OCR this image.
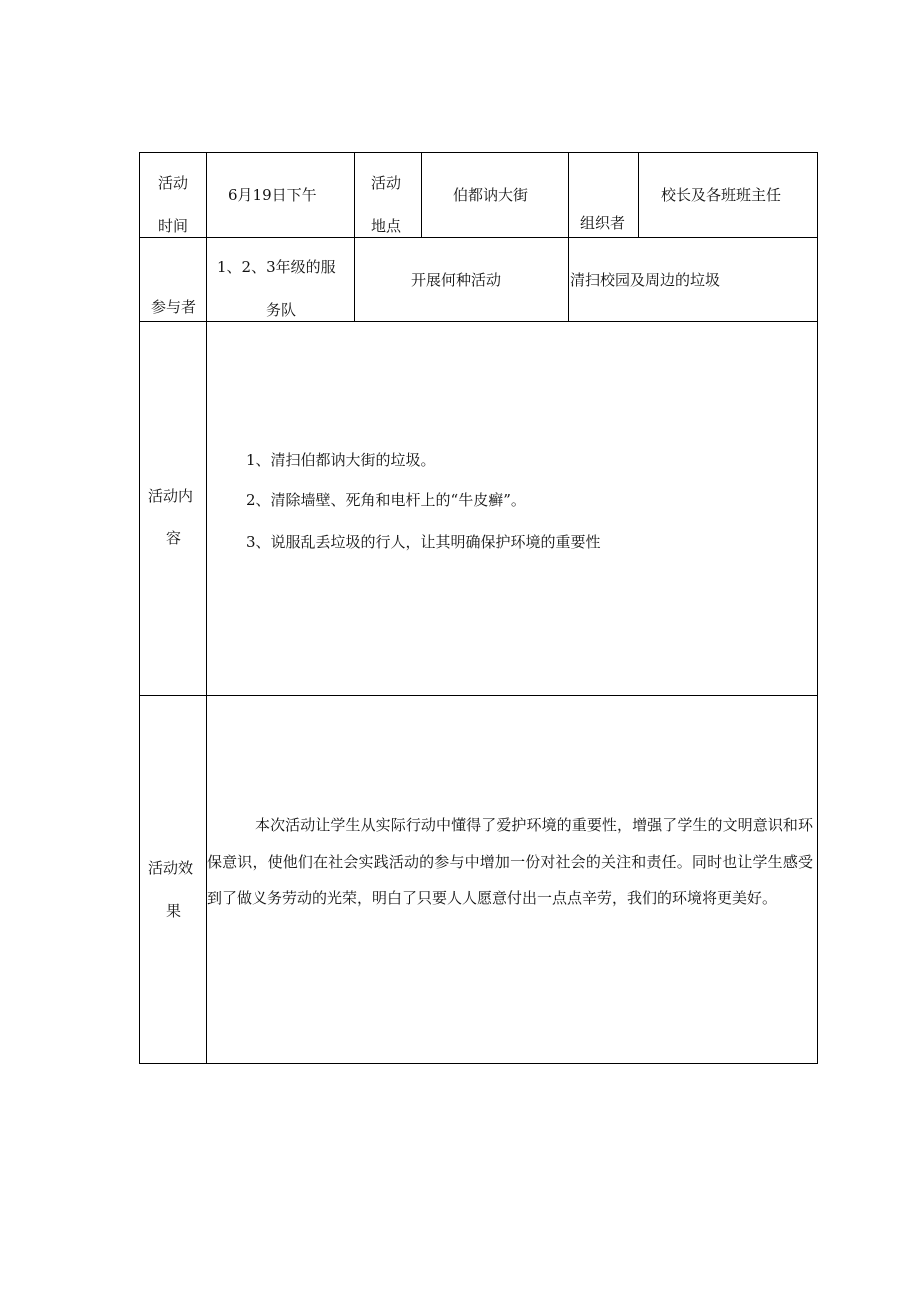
活动
时间
6月19日下午
活动
地点
伯都讷大街
组织者
校长及各班班主任
参与者
1、2、3年级的服
务队
开展何种活动	清扫校园及周边的垃圾
活动内
容
1、清扫伯都讷大街的垃圾。
2、清除墙壁、死角和电杆上的“牛皮癣”。
3、说服乱丢垃圾的行人，让其明确保护环境的重要性
活动效
果
本次活动让学生从实际行动中懂得了爱护环境的重要性，增强了学生的文明意识和环保意识，使他们在社会实践活动的参与中增加一份对社会的关注和责任。同时也让学生感受到了做义务劳动的光荣，明白了只要人人愿意付出一点点辛劳，我们的环境将更美好。
